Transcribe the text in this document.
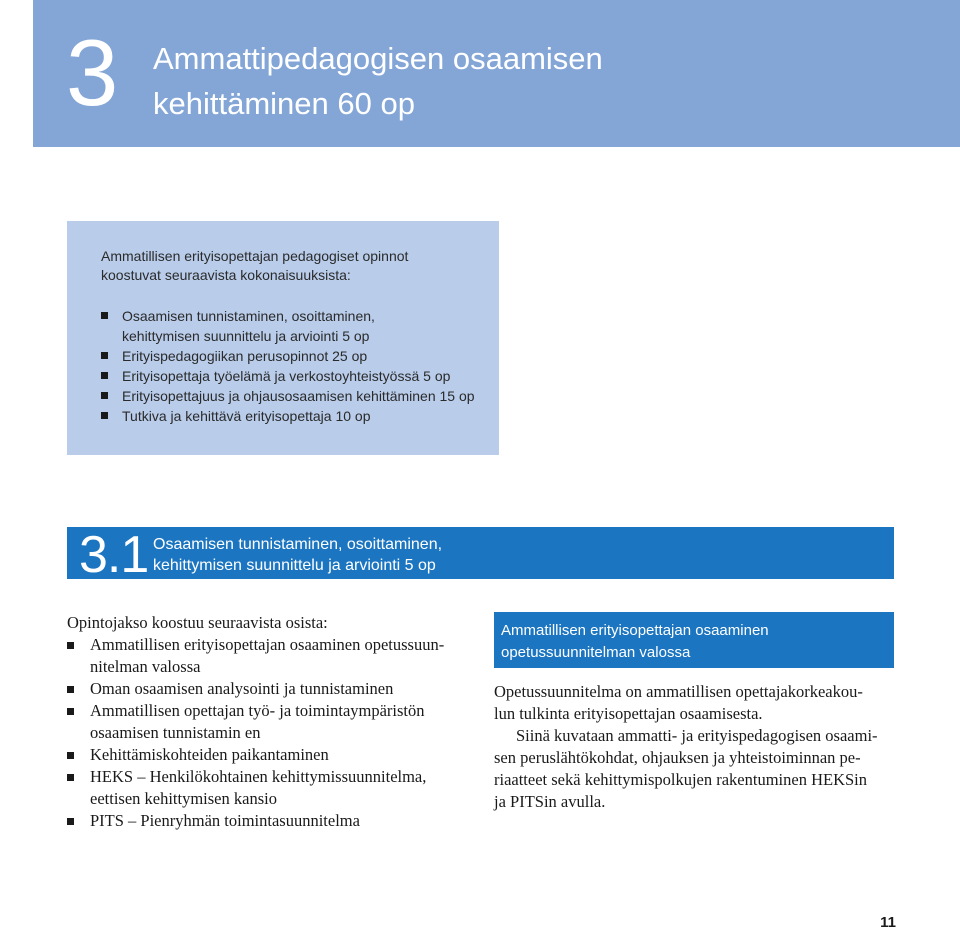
3 Ammattipedagogisen osaamisen
kehittäminen 60 op
Ammatillisen erityisopettajan pedagogiset opinnot
koostuvat seuraavista kokonaisuuksista:
Osaamisen tunnistaminen, osoittaminen,
kehittymisen suunnittelu ja arviointi 5 op
Erityispedagogiikan perusopinnot 25 op
Erityisopettaja työelämä ja verkostoyhteistyössä 5 op
Erityisopettajuus ja ohjausosaamisen kehittäminen 15 op
Tutkiva ja kehittävä erityisopettaja 10 op
3.1 Osaamisen tunnistaminen, osoittaminen,
kehittymisen suunnittelu ja arviointi 5 op

Opintojakso koostuu seuraavista osista:

Ammatillisen erityisopettajan osaaminen opetussuun-
nitelman valossa
Oman osaamisen analysointi ja tunnistaminen
Ammatillisen opettajan työ- ja toimintaympäristön
osaamisen tunnistamin en
Kehittämiskohteiden paikantaminen
HEKS – Henkilökohtainen kehittymissuunnitelma,
eettisen kehittymisen kansio
PITS – Pienryhmän toimintasuunnitelma
Ammatillisen erityisopettajan osaaminen
opetussuunnitelman valossa

Opetussuunnitelma on ammatillisen opettajakorkeakou-
lun tulkinta erityisopettajan osaamisesta.

Siinä kuvataan ammatti- ja erityispedagogisen osaami-
sen peruslähtökohdat, ohjauksen ja yhteistoiminnan pe-
riaatteet sekä kehittymispolkujen rakentuminen HEKSin
ja PITSin avulla.

11
